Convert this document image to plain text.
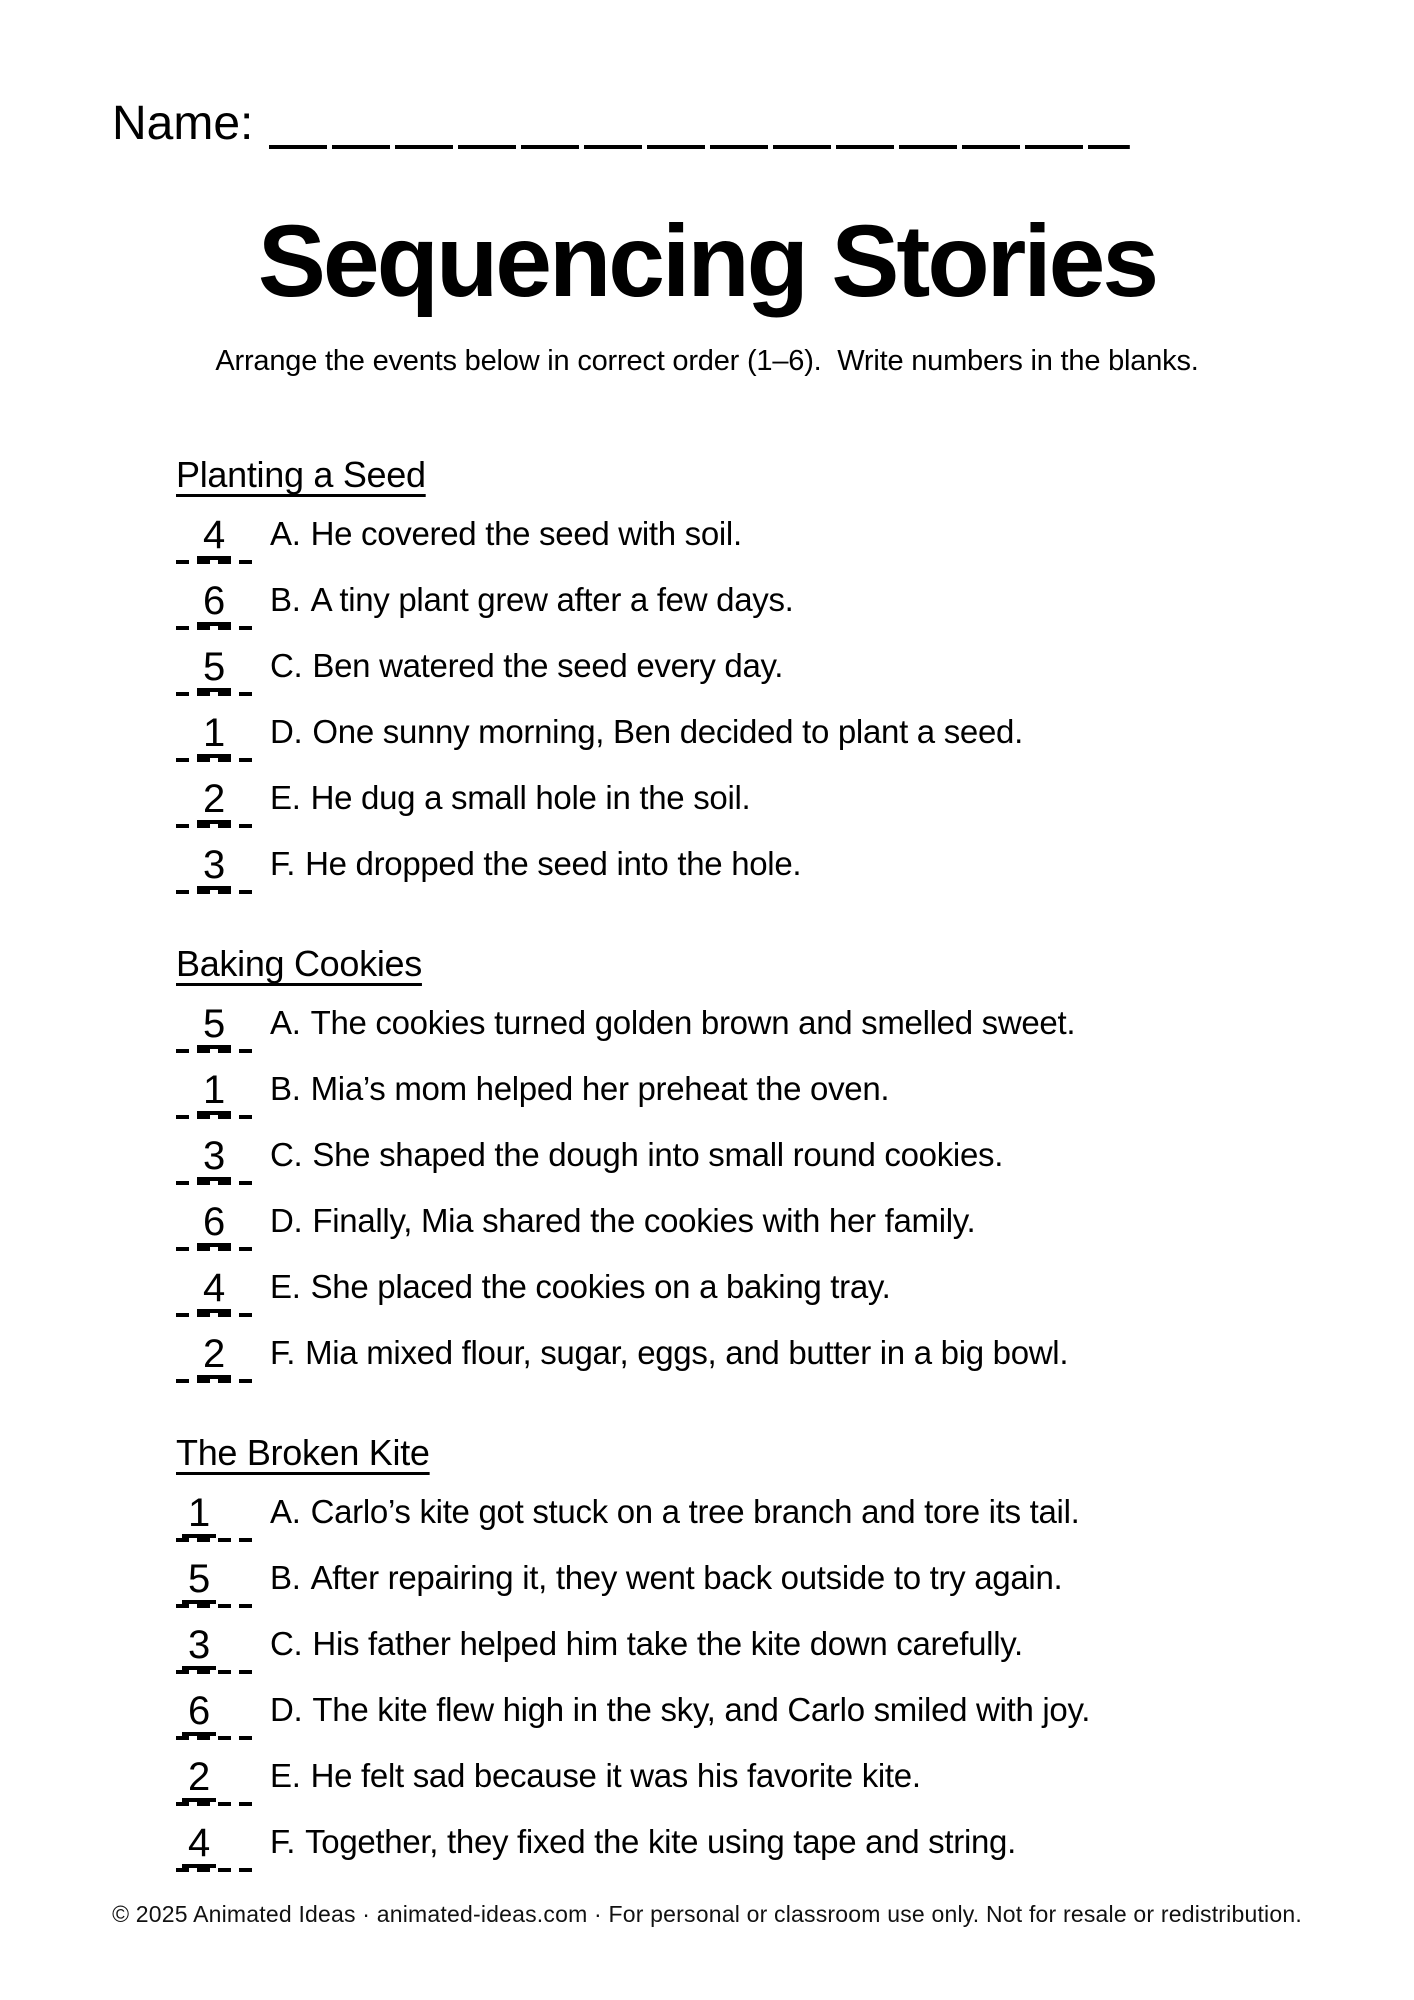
Name:
Sequencing Stories

Arrange the events below in correct order (1–6).  Write numbers in the blanks.

Planting a Seed
4	A. He covered the seed with soil.
6	B. A tiny plant grew after a few days.
5	C. Ben watered the seed every day.
1	D. One sunny morning, Ben decided to plant a seed.
2	E. He dug a small hole in the soil.
3	F. He dropped the seed into the hole.
Baking Cookies
5	A. The cookies turned golden brown and smelled sweet.
1	B. Mia’s mom helped her preheat the oven.
3	C. She shaped the dough into small round cookies.
6	D. Finally, Mia shared the cookies with her family.
4	E. She placed the cookies on a baking tray.
2	F. Mia mixed flour, sugar, eggs, and butter in a big bowl.
The Broken Kite
1	A. Carlo’s kite got stuck on a tree branch and tore its tail.
5	B. After repairing it, they went back outside to try again.
3	C. His father helped him take the kite down carefully.
6	D. The kite flew high in the sky, and Carlo smiled with joy.
2	E. He felt sad because it was his favorite kite.
4	F. Together, they fixed the kite using tape and string.
© 2025 Animated Ideas · animated-ideas.com · For personal or classroom use only. Not for resale or redistribution.
